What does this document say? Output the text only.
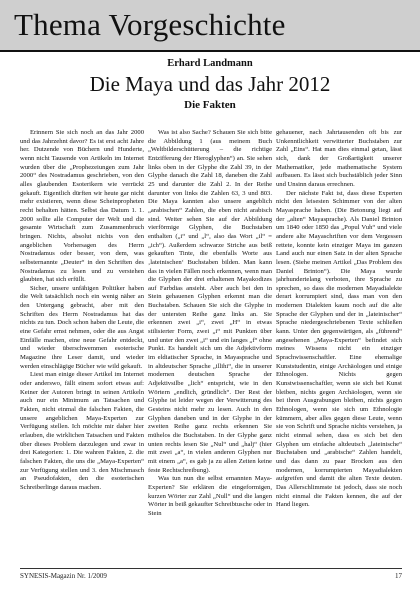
Thema Vorgeschichte
Erhard Landmann
Die Maya und das Jahr 2012
Die Fakten

Erinnern Sie sich noch an das Jahr 2000 und das Jahrzehnt davor? Es ist erst acht Jahre her. Dutzende von Büchern und Hunderte, wenn nicht Tausende von Artikeln im Internet wurden über die „Prophezeiungen zum Jahr 2000“ des Nostradamus geschrieben, von den alles glaubenden Esoterikern wie verrückt gekauft. Eigentlich dürften wir heute gar nicht mehr existieren, wenn diese Scheinpropheten recht behalten hätten. Selbst das Datum 1. 1. 2000 sollte alle Computer der Welt und die gesamte Wirtschaft zum Zusammenbruch bringen. Nichts, absolut nichts von den angeblichen Vorhersagen des Herrn Nostradamus oder besser, von dem, was selbsternannte „Deuter“ in den Schriften des Nostradamus zu lesen und zu verstehen glaubten, hat sich erfüllt.

Sicher, unsere unfähigen Politiker haben die Welt tatsächlich noch ein wenig näher an den Untergang gebracht, aber mit den Schriften des Herrn Nostradamus hat das nichts zu tun. Doch schon haben die Leute, die eine Gefahr ernst nehmen, oder die aus Angst Einfälle machen, eine neue Gefahr entdeckt, und wieder überschwemmen esoterische Magazine ihre Leser damit, und wieder werden einschlägige Bücher wie wild gekauft.

Liest man einige dieser Artikel im Internet oder anderswo, fällt einem sofort etwas auf: Keiner der Autoren bringt in seinen Artikeln auch nur ein Minimum an Tatsachen und Fakten, nicht einmal die falschen Fakten, die unsere angeblichen Maya-Experten zur Verfügung stellen. Ich möchte mir daher hier erlauben, die wirklichen Tatsachen und Fakten über dieses Problem darzulegen und zwar in drei Kategorien: 1. Die wahren Fakten, 2. die falschen Fakten, die uns die „Maya-Experten“ zur Verfügung stellen und 3. den Mischmasch an Pseudofakten, den die esoterischen Schreiberlinge daraus machen.

Was ist also Sache? Schauen Sie sich bitte die Abbildung 1 (aus meinem Buch „Weltbilderschütterung – die richtige Entzifferung der Hieroglyphen“) an. Sie sehen links oben in der Glyphe die Zahl 39, in der Glyphe danach die Zahl 18, daneben die Zahl 25 und darunter die Zahl 2. In der Reihe darunter von links die Zahlen 63, 3 und 803. Die Maya kannten also unsere angeblich „arabischen“ Zahlen, die eben nicht arabisch sind. Weiter sehen Sie auf der Abbildung vierförmige Glyphen, die Buchstaben enthalten („i“ und „l“, also das Wort „il“ = „ich“). Außerdem schwarze Striche aus beiß gekauften Tinte, die ebenfalls Worte aus ‚lateinischen‘ Buchstaben bilden. Man kann das in vielen Fällen noch erkennen, wenn man die Glyphen der drei erhaltenen Mayakodizes auf Farbdias ansieht. Aber auch bei den in Stein gehauenen Glyphen erkennt man die Buchstaben. Schauen Sie sich die Glyphe in der untersten Reihe ganz links an. Sie erkennen zwei „i“, zwei „H“ in etwas stilisierter Form, zwei „i“ mit Punkten über und unter den zwei „i“ und ein langes „f“ ohne Punkt. Es handelt sich um die Adjektivform im eldiatischer Sprache, in Mayasprache und in altdeutscher Sprache „illihi“, die in unserer modernen deutschen Sprache der Adjektivsilbe „lich“ entspricht, wie in den Wörtern „endlich, gründlich“. Der Rest der Glyphe ist leider wegen der Verwitterung des Gesteins nicht mehr zu lesen. Auch in den Glyphen daneben und in der Glyphe in der zweiten Reihe ganz rechts erkennen Sie mühelos die Buchstaben. In der Glyphe ganz unten rechts lesen Sie „Nul“ und „halj“ (hier mit zwei „a“, in vielen anderen Glyphen nur mit einem „a“, es gab ja zu allen Zeiten keine feste Rechtschreibung).

Was tun nun die selbst ernannten Maya-Experten? Sie erklären die eingeformigen, kurzen Wörter zur Zahl „Null“ und die langen Wörter in beiß gekaufter Schreibtusche oder in Stein

gehauener, nach Jahrtausenden oft bis zur Unkenntlichkeit verwitterter Buchstaben zur Zahl „Eins“. Hat man dies einmal getan, lässt sich, dank der Großartigkeit unserer Mathematiker, jede mathematische System aufbauen. Es lässt sich buchstäblich jeder Sinn und Unsinn daraus errechnen.

Der nächste Fakt ist, dass diese Experten nicht den leisesten Schimmer von der alten Mayasprache haben. (Die Betonung liegt auf der „alten“ Mayasprache). Als Daniel Brinton um 1840 oder 1850 das „Popul Vuh“ und viele andere alte Mayaschriften vor dem Vergessen rettete, konnte kein einziger Maya im ganzen Land auch nur einen Satz in der alten Sprache lesen. (Siehe meinen Artikel „Das Problem des Daniel Brinton“). Die Maya wurde jahrhundertelang verboten, ihre Sprache zu sprechen, so dass die modernen Mayadialekte derart korrumpiert sind, dass man von den modernen Dialekten kaum noch auf die alte Sprache der Glyphen und der in „lateinischer“ Sprache niedergeschriebenen Texte schließen kann. Unter den gegenwärtigen, als „führend“ angesehenen „Maya-Experten“ befindet sich meines Wissens nicht ein einziger Sprachwissenschaftler. Eine ehemalige Kunststudentin, einige Archäologen und einige Ethnologen. Nichts gegen Kunstwissenschaftler, wenn sie sich bei Kunst bleiben, nichts gegen Archäologen, wenn sie bei ihren Ausgrabungen bleiben, nichts gegen Ethnologen, wenn sie sich um Ethnologie kümmern, aber alles gegen diese Leute, wenn sie von Schrift und Sprache nichts verstehen, ja nicht einmal sehen, dass es sich bei den Glyphen um einfache altdeutsch „lateinische“ Buchstaben und „arabische“ Zahlen handelt, und das dann zu paar Brocken aus den modernen, korrumpierten Mayadialekten aufgreifen und damit die alten Texte deuten. Das Allerschlimmste ist jedoch, dass sie noch nicht einmal die Fakten kennen, die auf der Hand liegen.

SYNESIS-Magazin Nr. 1/2009	17
